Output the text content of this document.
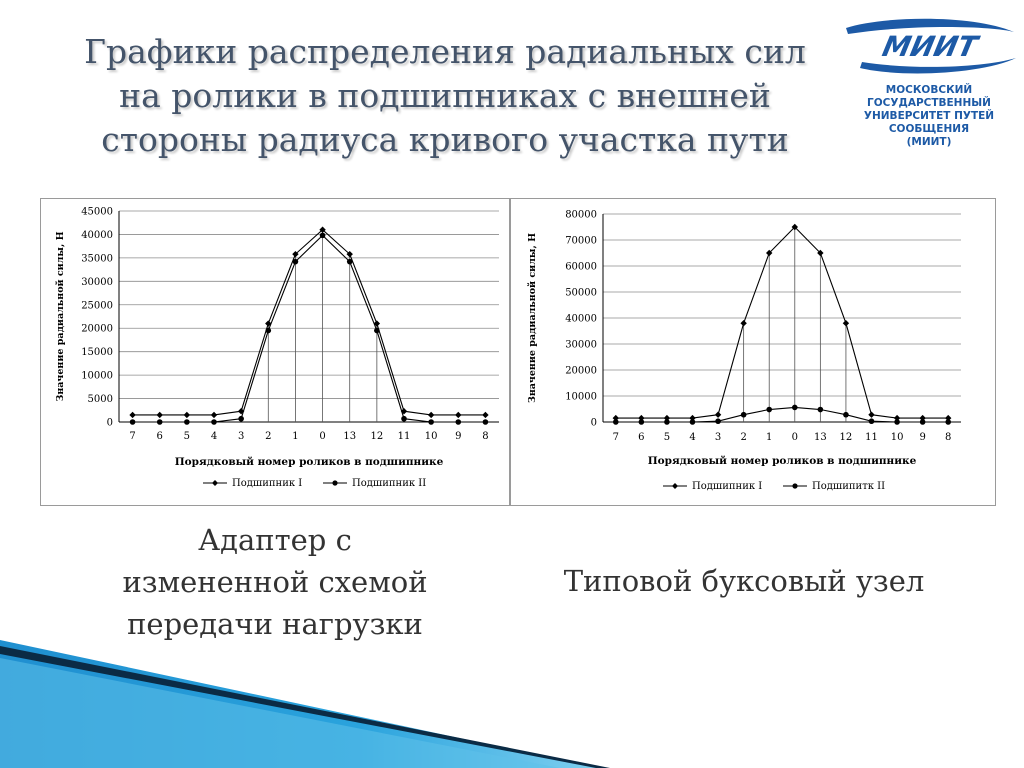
Графики распределения радиальных сил
на ролики в подшипниках с внешней
стороны радиуса кривого участка пути
МИИТ
МОСКОВСКИЙ ГОСУДАРСТВЕННЫЙ
УНИВЕРСИТЕТ ПУТЕЙ СООБЩЕНИЯ
(МИИТ)
0
5000
10000
15000
20000
25000
30000
35000
40000
45000
7 6 5 4 3 2 1 0 13 12 11 10 9 8
Значение радиальной силы, Н
Порядковый номер роликов в подшипнике
Подшипник I	Подшипник II
0
10000
20000
30000
40000
50000
60000
70000
80000
7 6 5 4 3 2 1 0 13 12 11 10 9 8
Значение радиальной силы, Н
Порядковый номер роликов в подшипнике
Подшипник I	Подшипитк II
Адаптер с
измененной схемой
передачи нагрузки
Типовой буксовый узел
